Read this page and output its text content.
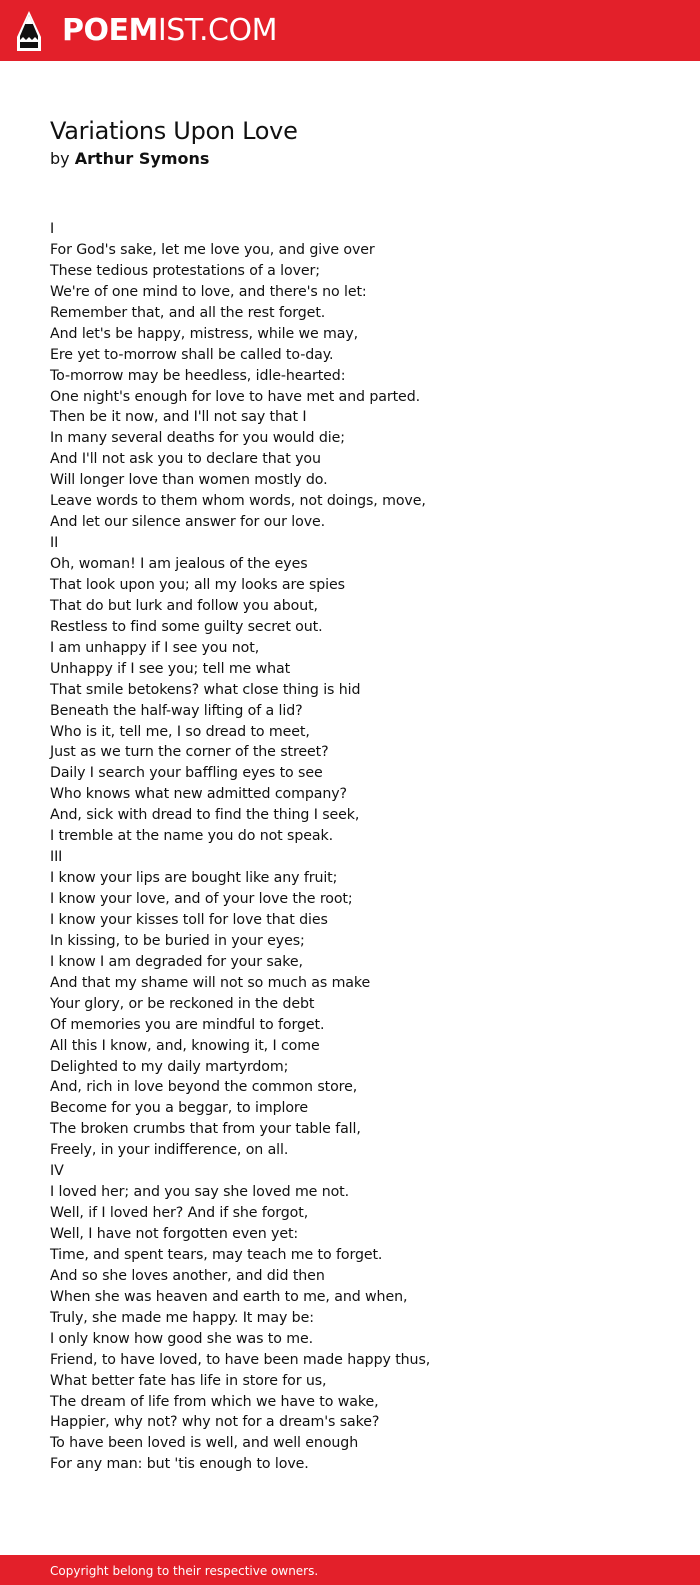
POEMIST.COM
Variations Upon Love
by Arthur Symons
I
For God's sake, let me love you, and give over
These tedious protestations of a lover;
We're of one mind to love, and there's no let:
Remember that, and all the rest forget.
And let's be happy, mistress, while we may,
Ere yet to-morrow shall be called to-day.
To-morrow may be heedless, idle-hearted:
One night's enough for love to have met and parted.
Then be it now, and I'll not say that I
In many several deaths for you would die;
And I'll not ask you to declare that you
Will longer love than women mostly do.
Leave words to them whom words, not doings, move,
And let our silence answer for our love.
II
Oh, woman! I am jealous of the eyes
That look upon you; all my looks are spies
That do but lurk and follow you about,
Restless to find some guilty secret out.
I am unhappy if I see you not,
Unhappy if I see you; tell me what
That smile betokens? what close thing is hid
Beneath the half-way lifting of a lid?
Who is it, tell me, I so dread to meet,
Just as we turn the corner of the street?
Daily I search your baffling eyes to see
Who knows what new admitted company?
And, sick with dread to find the thing I seek,
I tremble at the name you do not speak.
III
I know your lips are bought like any fruit;
I know your love, and of your love the root;
I know your kisses toll for love that dies
In kissing, to be buried in your eyes;
I know I am degraded for your sake,
And that my shame will not so much as make
Your glory, or be reckoned in the debt
Of memories you are mindful to forget.
All this I know, and, knowing it, I come
Delighted to my daily martyrdom;
And, rich in love beyond the common store,
Become for you a beggar, to implore
The broken crumbs that from your table fall,
Freely, in your indifference, on all.
IV
I loved her; and you say she loved me not.
Well, if I loved her? And if she forgot,
Well, I have not forgotten even yet:
Time, and spent tears, may teach me to forget.
And so she loves another, and did then
When she was heaven and earth to me, and when,
Truly, she made me happy. It may be:
I only know how good she was to me.
Friend, to have loved, to have been made happy thus,
What better fate has life in store for us,
The dream of life from which we have to wake,
Happier, why not? why not for a dream's sake?
To have been loved is well, and well enough
For any man: but 'tis enough to love.
Copyright belong to their respective owners.
